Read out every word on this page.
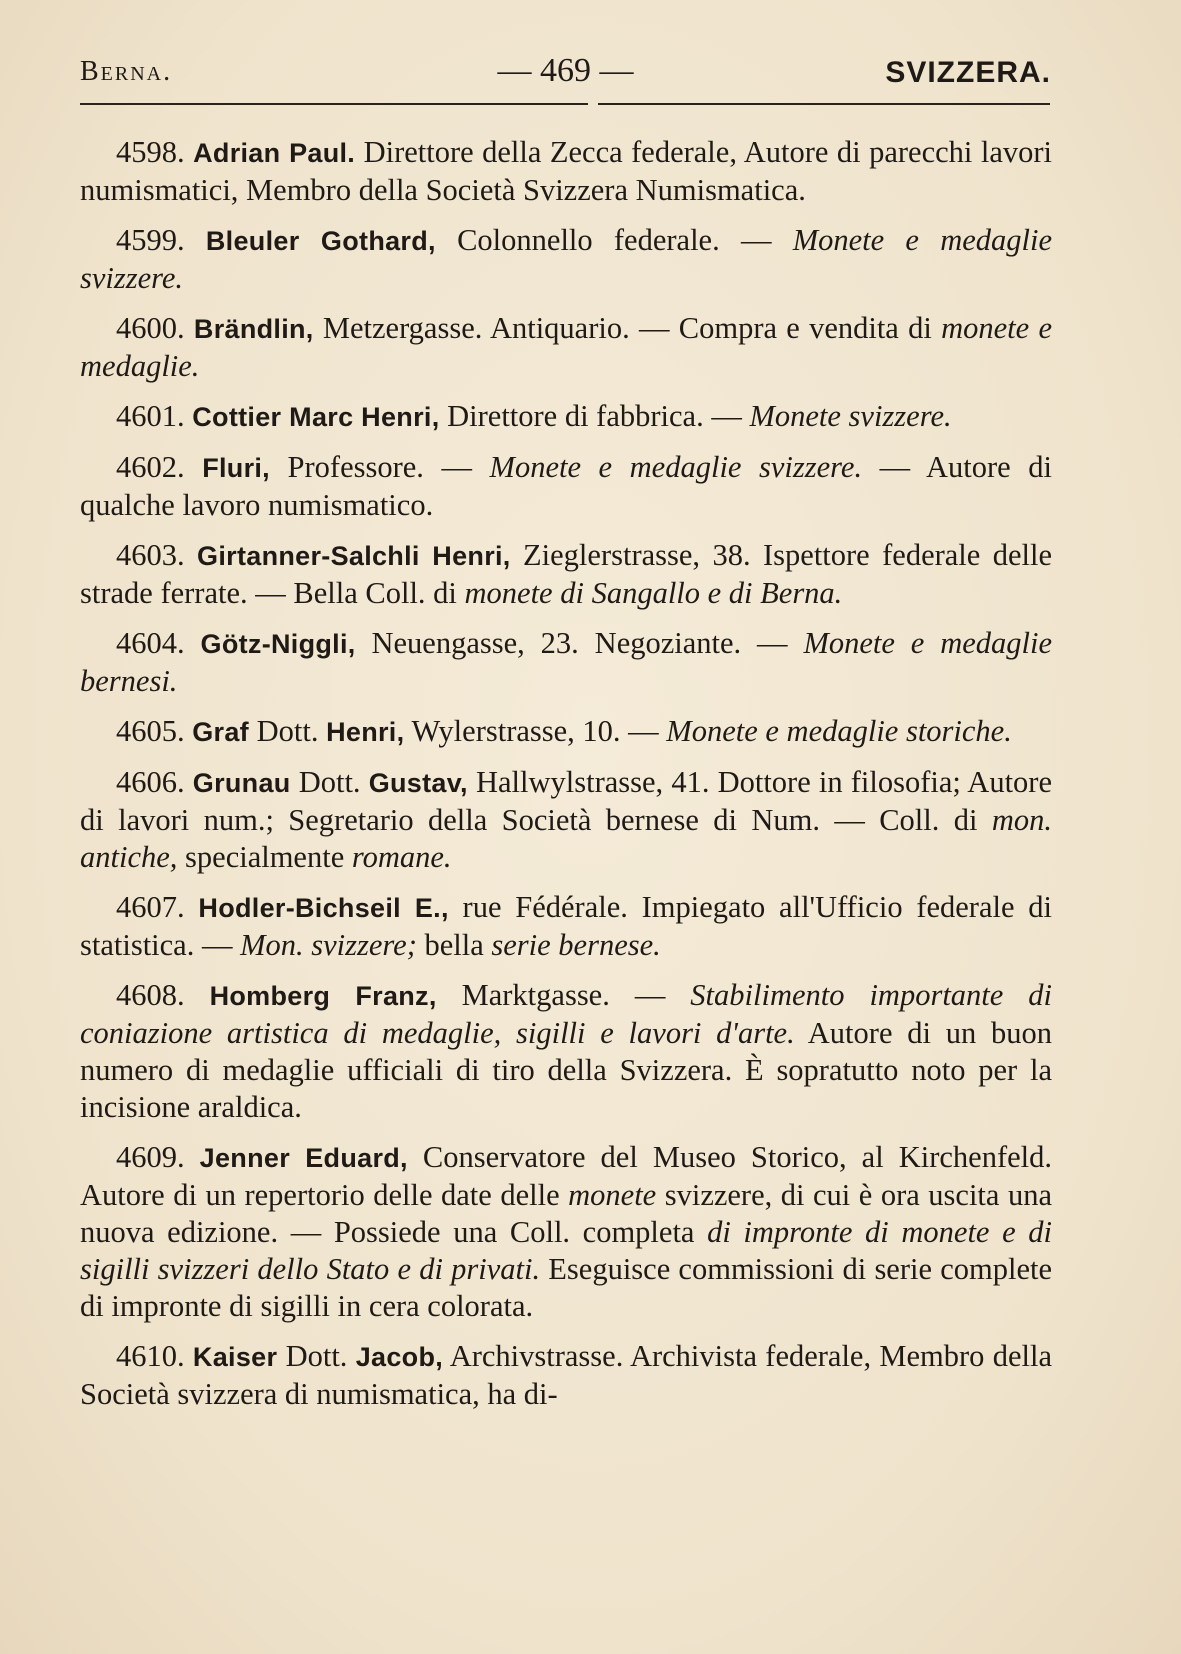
Berna.	— 469 —	SVIZZERA.
4598. Adrian Paul. Direttore della Zecca federale, Autore di parecchi lavori numismatici, Membro della Società Svizzera Numismatica.
4599. Bleuler Gothard, Colonnello federale. — Monete e medaglie svizzere.
4600. Brändlin, Metzergasse. Antiquario. — Compra e vendita di monete e medaglie.
4601. Cottier Marc Henri, Direttore di fabbrica. — Monete svizzere.
4602. Fluri, Professore. — Monete e medaglie svizzere. — Autore di qualche lavoro numismatico.
4603. Girtanner-Salchli Henri, Zieglerstrasse, 38. Ispettore federale delle strade ferrate. — Bella Coll. di monete di Sangallo e di Berna.
4604. Götz-Niggli, Neuengasse, 23. Negoziante. — Monete e medaglie bernesi.
4605. Graf Dott. Henri, Wylerstrasse, 10. — Monete e medaglie storiche.
4606. Grunau Dott. Gustav, Hallwylstrasse, 41. Dottore in filosofia; Autore di lavori num.; Segretario della Società bernese di Num. — Coll. di mon. antiche, specialmente romane.
4607. Hodler-Bichseil E., rue Fédérale. Impiegato all'Ufficio federale di statistica. — Mon. svizzere; bella serie bernese.
4608. Homberg Franz, Marktgasse. — Stabilimento importante di coniazione artistica di medaglie, sigilli e lavori d'arte. Autore di un buon numero di medaglie ufficiali di tiro della Svizzera. È sopratutto noto per la incisione araldica.
4609. Jenner Eduard, Conservatore del Museo Storico, al Kirchenfeld. Autore di un repertorio delle date delle monete svizzere, di cui è ora uscita una nuova edizione. — Possiede una Coll. completa di impronte di monete e di sigilli svizzeri dello Stato e di privati. Eseguisce commissioni di serie complete di impronte di sigilli in cera colorata.
4610. Kaiser Dott. Jacob, Archivstrasse. Archivista federale, Membro della Società svizzera di numismatica, ha di-
